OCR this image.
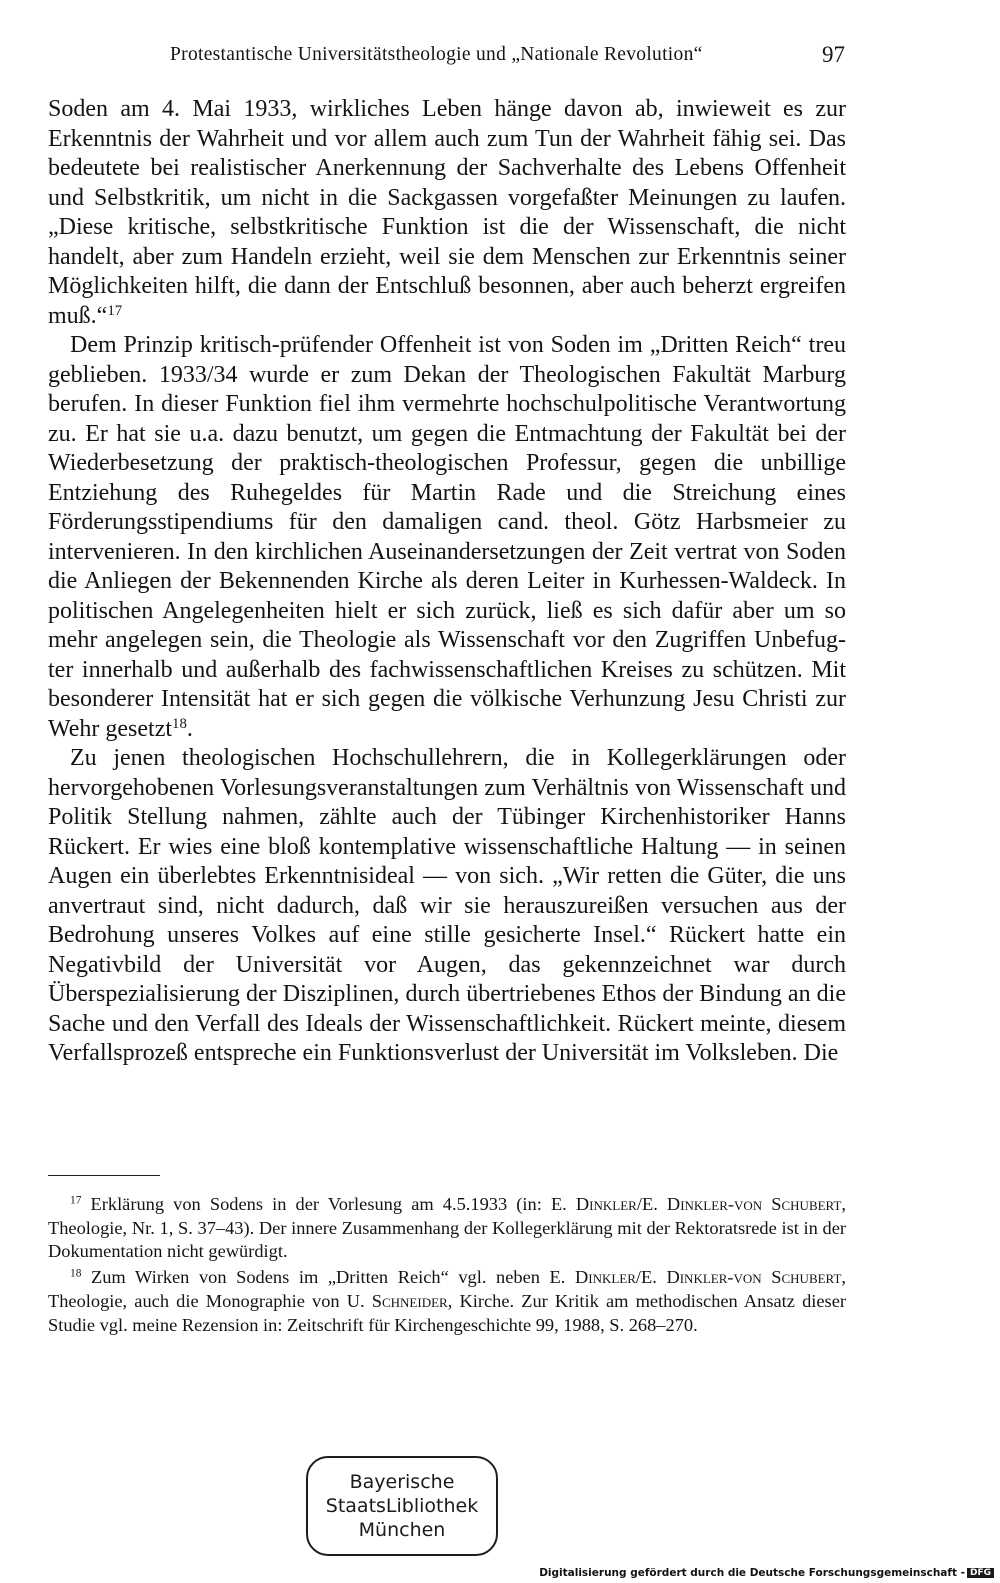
Protestantische Universitätstheologie und „Nationale Revolution“	97

Soden am 4. Mai 1933, wirkliches Leben hänge davon ab, inwieweit es zur Erkenntnis der Wahrheit und vor allem auch zum Tun der Wahrheit fähig sei. Das bedeutete bei realistischer Anerkennung der Sachverhalte des Lebens Offenheit und Selbstkritik, um nicht in die Sackgassen vorgefaßter Meinungen zu laufen. „Diese kritische, selbstkritische Funktion ist die der Wissenschaft, die nicht handelt, aber zum Handeln erzieht, weil sie dem Menschen zur Erkenntnis seiner Möglichkeiten hilft, die dann der Entschluß besonnen, aber auch beherzt ergreifen muß.“$^{17}$

Dem Prinzip kritisch-prüfender Offenheit ist von Soden im „Dritten Reich“ treu geblieben. 1933/34 wurde er zum Dekan der Theologischen Fakultät Marburg berufen. In dieser Funktion fiel ihm vermehrte hochschulpolitische Verantwortung zu. Er hat sie u.a. dazu benutzt, um gegen die Entmachtung der Fakultät bei der Wiederbesetzung der praktisch-theologischen Professur, gegen die unbillige Entziehung des Ruhegeldes für Martin Rade und die Streichung eines Förderungsstipendiums für den damaligen cand. theol. Götz Harbsmeier zu intervenieren. In den kirchlichen Auseinandersetzungen der Zeit vertrat von Soden die Anliegen der Bekennenden Kirche als deren Leiter in Kurhessen-Waldeck. In politischen Angelegenheiten hielt er sich zurück, ließ es sich dafür aber um so mehr angelegen sein, die Theologie als Wissenschaft vor den Zugriffen Unbefugter innerhalb und außerhalb des fachwissenschaftlichen Kreises zu schützen. Mit besonderer Intensität hat er sich gegen die völkische Verhunzung Jesu Christi zur Wehr gesetzt$^{18}$.

Zu jenen theologischen Hochschullehrern, die in Kollegerklärungen oder hervorgehobenen Vorlesungsveranstaltungen zum Verhältnis von Wissenschaft und Politik Stellung nahmen, zählte auch der Tübinger Kirchenhistoriker Hanns Rückert. Er wies eine bloß kontemplative wissenschaftliche Haltung — in seinen Augen ein überlebtes Erkenntnisideal — von sich. „Wir retten die Güter, die uns anvertraut sind, nicht dadurch, daß wir sie herauszureißen versuchen aus der Bedrohung unseres Volkes auf eine stille gesicherte Insel.“ Rückert hatte ein Negativbild der Universität vor Augen, das gekennzeichnet war durch Überspezialisierung der Disziplinen, durch übertriebenes Ethos der Bindung an die Sache und den Verfall des Ideals der Wissenschaftlichkeit. Rückert meinte, diesem Verfallsprozeß entspreche ein Funktionsverlust der Universität im Volksleben. Die

$^{17}$ Erklärung von Sodens in der Vorlesung am 4.5.1933 (in: E. Dinkler/E. Dinkler-von Schubert, Theologie, Nr. 1, S. 37–43). Der innere Zusammenhang der Kollegerklärung mit der Rektoratsrede ist in der Dokumentation nicht gewürdigt.

$^{18}$ Zum Wirken von Sodens im „Dritten Reich“ vgl. neben E. Dinkler/E. Dinkler-von Schubert, Theologie, auch die Monographie von U. Schneider, Kirche. Zur Kritik am methodischen Ansatz dieser Studie vgl. meine Rezension in: Zeitschrift für Kirchengeschichte 99, 1988, S. 268–270.

Bayerische
StaatsLibliothek
München
Digitalisierung gefördert durch die Deutsche Forschungsgemeinschaft - DFG
